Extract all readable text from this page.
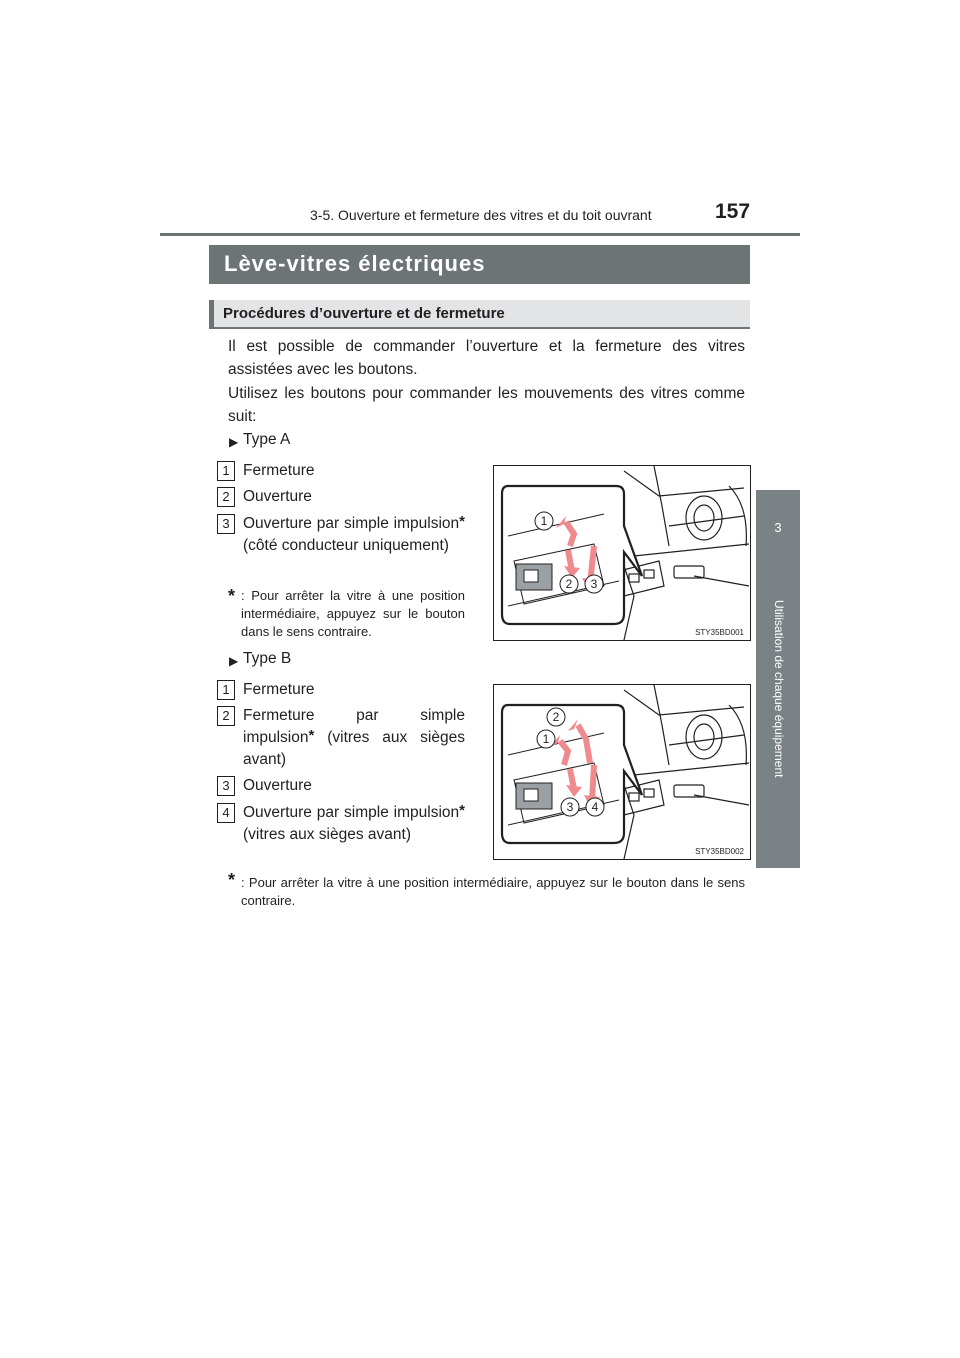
3-5. Ouverture et fermeture des vitres et du toit ouvrant	157
3
Utilisation de chaque équipement
Lève-vitres électriques
Procédures d’ouverture et de fermeture
Il est possible de commander l’ouverture et la fermeture des vitres assistées avec les boutons.
Utilisez les boutons pour commander les mouvements des vitres comme suit:
▶ Type A
1 Fermeture
2 Ouverture
3 Ouverture par simple impulsion* (côté conducteur uniquement)
* : Pour arrêter la vitre à une position intermédiaire, appuyez sur le bouton dans le sens contraire.
1
2 3
STY35BD001
▶ Type B
1 Fermeture
2 Fermeture par simple impulsion* (vitres aux sièges avant)
3 Ouverture
4 Ouverture par simple impulsion* (vitres aux sièges avant)
2
1
3 4
STY35BD002
* : Pour arrêter la vitre à une position intermédiaire, appuyez sur le bouton dans le sens contraire.
